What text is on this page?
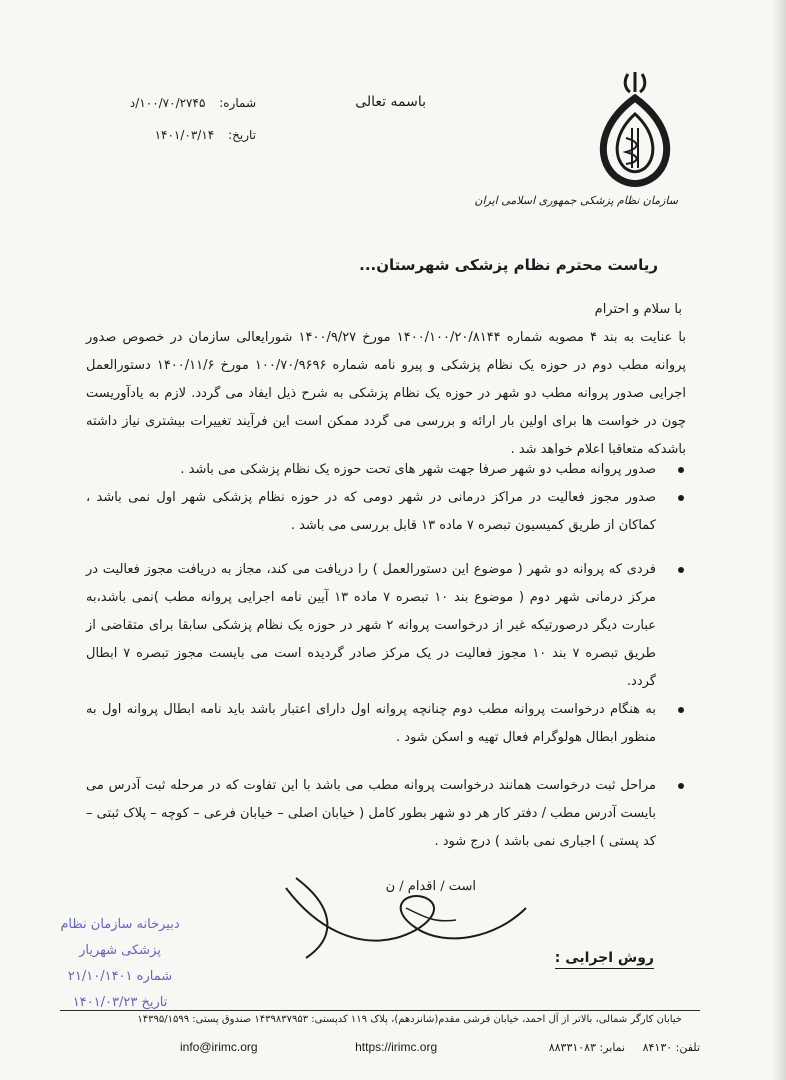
سازمان نظام پزشکی جمهوری اسلامی ایران
باسمه تعالی
شماره: ۱۰۰/۷۰/۲۷۴۵/د
تاریخ: ۱۴۰۱/۰۳/۱۴
ریاست محترم نظام پزشکی شهرستان...
با سلام و احترام
با عنایت به بند ۴ مصوبه شماره ۱۴۰۰/۱۰۰/۲۰/۸۱۴۴ مورخ ۱۴۰۰/۹/۲۷ شورایعالی سازمان در خصوص صدور پروانه مطب دوم در حوزه یک نظام پزشکی و پیرو نامه شماره ۱۰۰/۷۰/۹۶۹۶ مورخ ۱۴۰۰/۱۱/۶ دستورالعمل اجرایی صدور پروانه مطب دو شهر در حوزه یک نظام پزشکی به شرح ذیل ایفاد می گردد. لازم به یادآوریست چون در خواست ها برای اولین بار ارائه و بررسی می گردد ممکن است این فرآیند تغییرات بیشتری نیاز داشته باشدکه متعاقبا اعلام خواهد شد .
صدور پروانه مطب دو شهر صرفا جهت شهر های تحت حوزه یک نظام پزشکی می باشد .
صدور مجوز فعالیت در مراکز درمانی در شهر دومی که در حوزه نظام پزشکی شهر اول نمی باشد ، کماکان از طریق کمیسیون تبصره ۷ ماده ۱۳ قابل بررسی می باشد .
فردی که پروانه دو شهر ( موضوع این دستورالعمل ) را دریافت می کند، مجاز به دریافت مجوز فعالیت در مرکز درمانی شهر دوم ( موضوع بند ۱۰ تبصره ۷ ماده ۱۳ آیین نامه اجرایی پروانه مطب )نمی باشد،به عبارت دیگر درصورتیکه غیر از درخواست پروانه ۲ شهر در حوزه یک نظام پزشکی سابقا برای متقاضی از طریق تبصره ۷ بند ۱۰ مجوز فعالیت در یک مرکز صادر گردیده است می بایست مجوز تبصره ۷ ابطال گردد.
به هنگام درخواست پروانه مطب دوم چنانچه پروانه اول دارای اعتبار باشد باید نامه ابطال پروانه اول به منظور ابطال هولوگرام فعال تهیه و اسکن شود .
مراحل ثبت درخواست همانند درخواست پروانه مطب می باشد با این تفاوت که در مرحله ثبت آدرس می بایست آدرس مطب / دفتر کار هر دو شهر بطور کامل ( خیابان اصلی – خیابان فرعی – کوچه – پلاک ثبتی – کد پستی ) اجباری نمی باشد ) درج شود .
است / اقدام / ن
دبیرخانه سازمان نظام پزشکی شهریار
شماره ۲۱/۱۰/۱۴۰۱
تاریخ ۱۴۰۱/۰۳/۲۳
روش اجرایی :
خیابان کارگر شمالی، بالاتر از آل احمد، خیابان فرشی مقدم(شانزدهم)، پلاک ۱۱۹ کدپستی: ۱۴۳۹۸۳۷۹۵۳ صندوق پستی: ۱۴۳۹۵/۱۵۹۹
تلفن: ۸۴۱۳۰ نمابر: ۸۸۳۳۱۰۸۳
https://irimc.org
info@irimc.org
